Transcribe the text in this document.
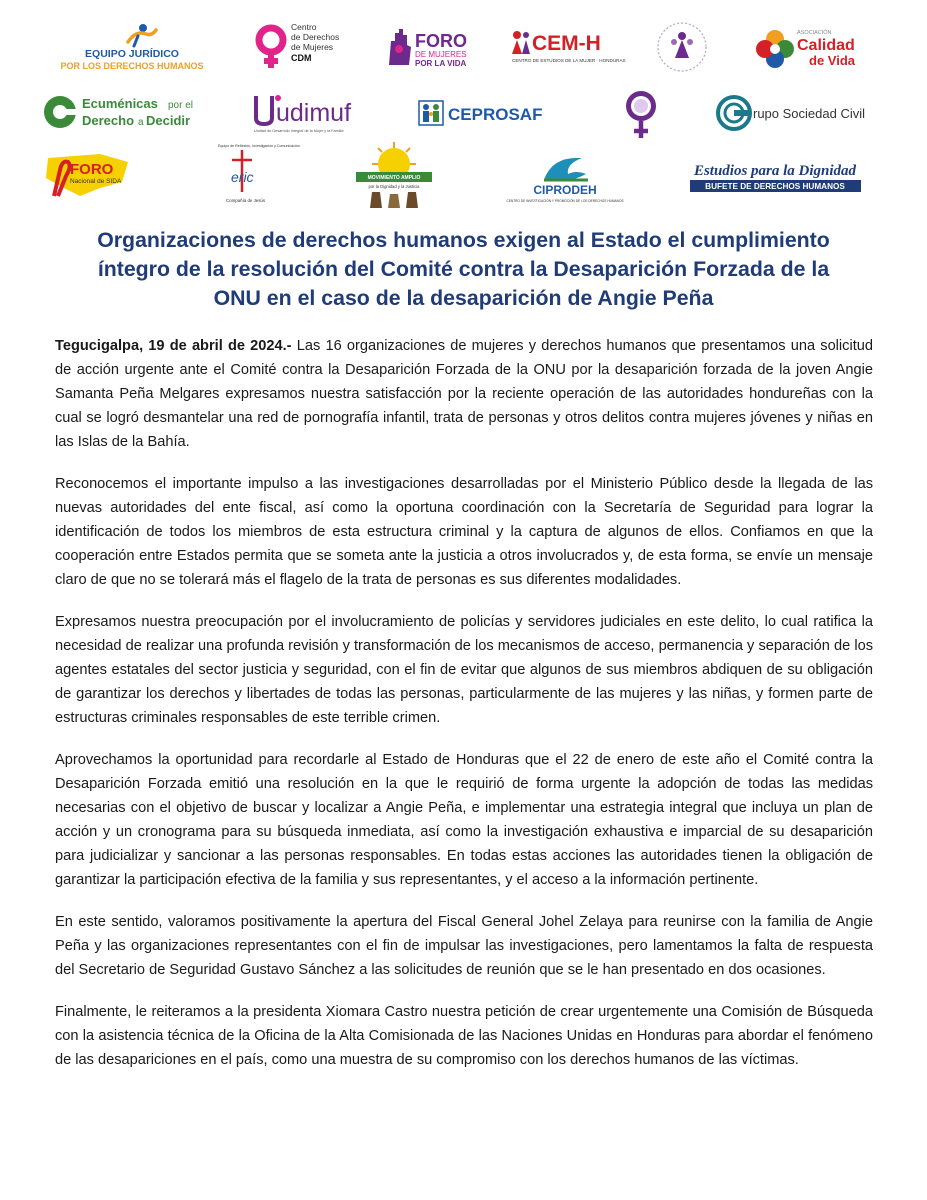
EQUIPO JURÍDICO
POR LOS DERECHOS HUMANOS
Centro
de Derechos
de Mujeres
CDM
FORO
DE MUJERES
POR LA VIDA
CEM-H
CENTRO DE ESTUDIOS DE LA MUJER · HONDURAS
ASOCIACIÓN
Calidad
de Vida
Ecuménicas por el
Derecho a Decidir	udimuf
Unidad de Desarrollo Integral de la Mujer y la Familia
CEPROSAF	rupo Sociedad Civil
FORO
Nacional de SIDA
Equipo de Reflexión, Investigación y Comunicación
eric
Compañía de Jesús
MOVIMIENTO AMPLIO
por la Dignidad y la Justicia	CIPRODEH
CENTRO DE INVESTIGACIÓN Y PROMOCIÓN DE LOS DERECHOS HUMANOS
Estudios para la Dignidad
BUFETE DE DERECHOS HUMANOS
Organizaciones de derechos humanos exigen al Estado el cumplimiento
íntegro de la resolución del Comité contra la Desaparición Forzada de la
ONU en el caso de la desaparición de Angie Peña

Tegucigalpa, 19 de abril de 2024.- Las 16 organizaciones de mujeres y derechos humanos que presentamos una solicitud de acción urgente ante el Comité contra la Desaparición Forzada de la ONU por la desaparición forzada de la joven Angie Samanta Peña Melgares expresamos nuestra satisfacción por la reciente operación de las autoridades hondureñas con la cual se logró desmantelar una red de pornografía infantil, trata de personas y otros delitos contra mujeres jóvenes y niñas en las Islas de la Bahía.

Reconocemos el importante impulso a las investigaciones desarrolladas por el Ministerio Público desde la llegada de las nuevas autoridades del ente fiscal, así como la oportuna coordinación con la Secretaría de Seguridad para lograr la identificación de todos los miembros de esta estructura criminal y la captura de algunos de ellos. Confiamos en que la cooperación entre Estados permita que se someta ante la justicia a otros involucrados y, de esta forma, se envíe un mensaje claro de que no se tolerará más el flagelo de la trata de personas es sus diferentes modalidades.

Expresamos nuestra preocupación por el involucramiento de policías y servidores judiciales en este delito, lo cual ratifica la necesidad de realizar una profunda revisión y transformación de los mecanismos de acceso, permanencia y separación de los agentes estatales del sector justicia y seguridad, con el fin de evitar que algunos de sus miembros abdiquen de su obligación de garantizar los derechos y libertades de todas las personas, particularmente de las mujeres y las niñas, y formen parte de estructuras criminales responsables de este terrible crimen.

Aprovechamos la oportunidad para recordarle al Estado de Honduras que el 22 de enero de este año el Comité contra la Desaparición Forzada emitió una resolución en la que le requirió de forma urgente la adopción de todas las medidas necesarias con el objetivo de buscar y localizar a Angie Peña, e implementar una estrategia integral que incluya un plan de acción y un cronograma para su búsqueda inmediata, así como la investigación exhaustiva e imparcial de su desaparición para judicializar y sancionar a las personas responsables. En todas estas acciones las autoridades tienen la obligación de garantizar la participación efectiva de la familia y sus representantes, y el acceso a la información pertinente.

En este sentido, valoramos positivamente la apertura del Fiscal General Johel Zelaya para reunirse con la familia de Angie Peña y las organizaciones representantes con el fin de impulsar las investigaciones, pero lamentamos la falta de respuesta del Secretario de Seguridad Gustavo Sánchez a las solicitudes de reunión que se le han presentado en dos ocasiones.

Finalmente, le reiteramos a la presidenta Xiomara Castro nuestra petición de crear urgentemente una Comisión de Búsqueda con la asistencia técnica de la Oficina de la Alta Comisionada de las Naciones Unidas en Honduras para abordar el fenómeno de las desapariciones en el país, como una muestra de su compromiso con los derechos humanos de las víctimas.
